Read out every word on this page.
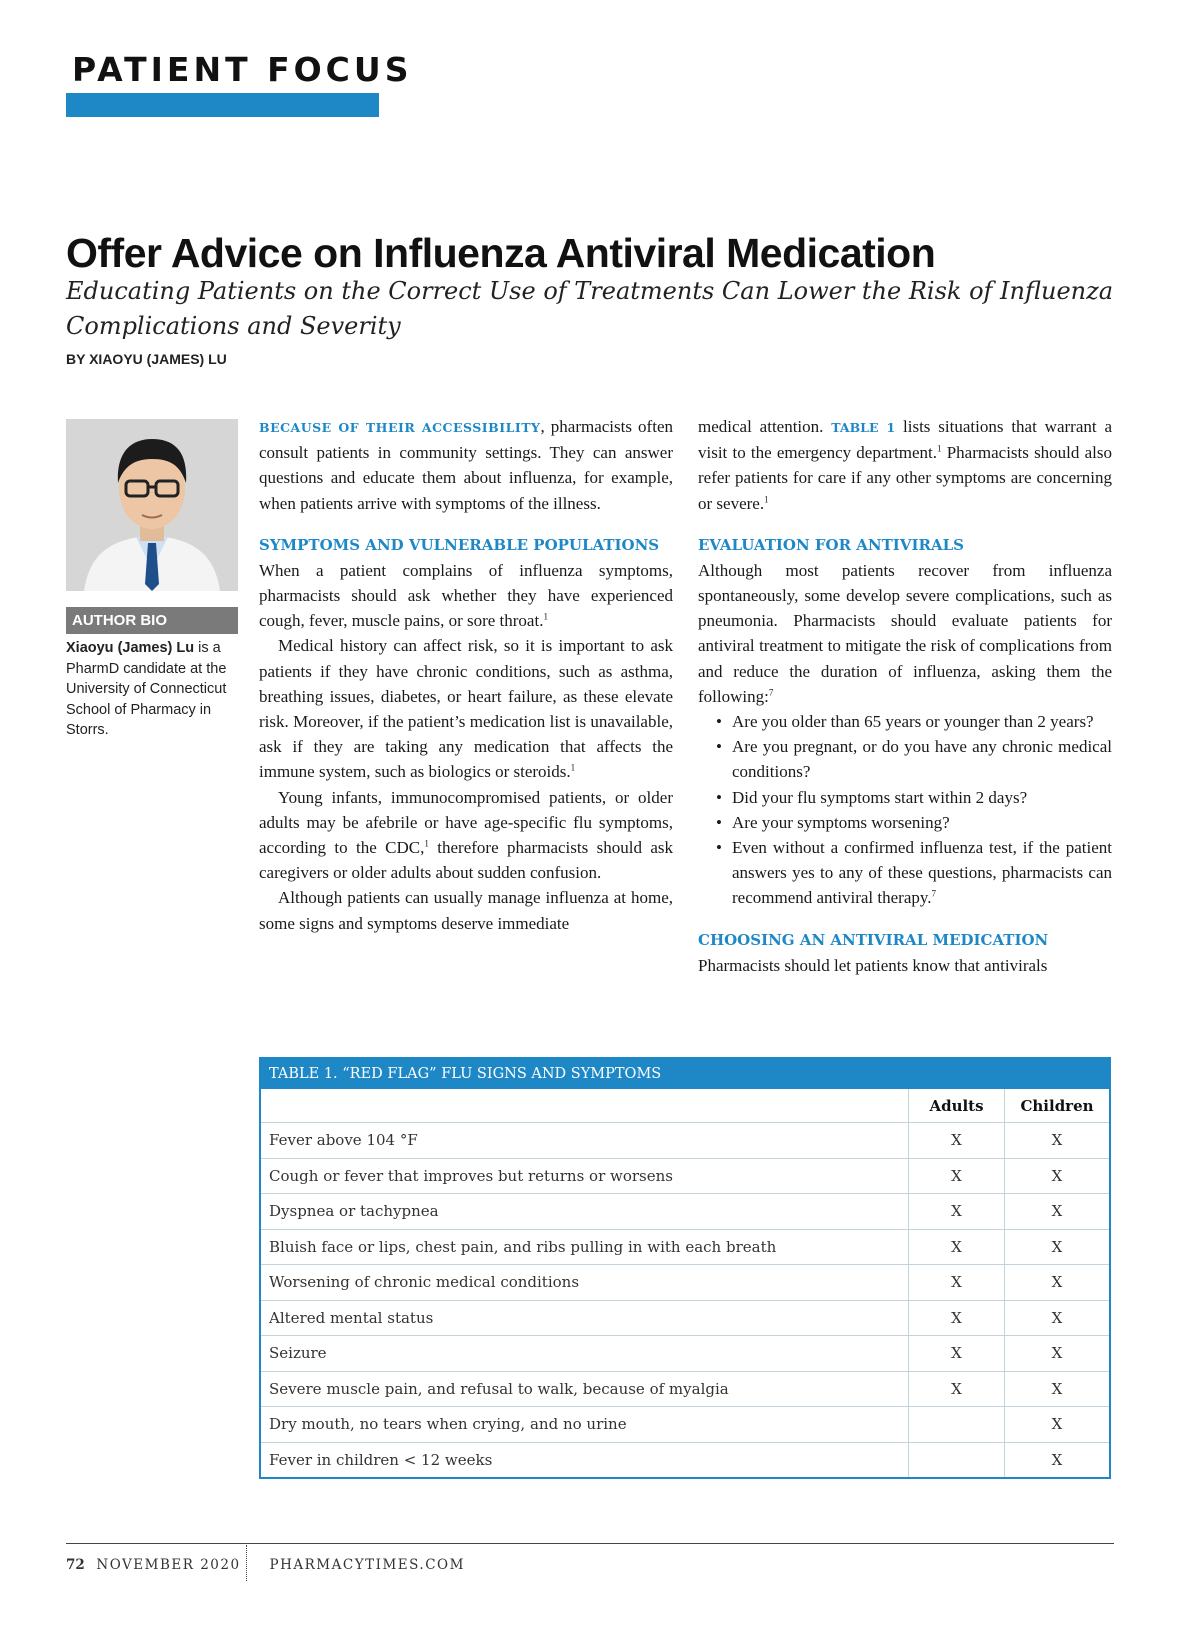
PATIENT FOCUS
Offer Advice on Influenza Antiviral Medication
Educating Patients on the Correct Use of Treatments Can Lower the Risk of Influenza Complications and Severity
BY XIAOYU (JAMES) LU
AUTHOR BIO
Xiaoyu (James) Lu is a PharmD candidate at the University of Connecticut School of Pharmacy in Storrs.

BECAUSE OF THEIR ACCESSIBILITY, pharmacists often consult patients in community settings. They can answer questions and educate them about influenza, for example, when patients arrive with symptoms of the illness.

SYMPTOMS AND VULNERABLE POPULATIONS

When a patient complains of influenza symptoms, pharmacists should ask whether they have experienced cough, fever, muscle pains, or sore throat.$^1$

Medical history can affect risk, so it is important to ask patients if they have chronic conditions, such as asthma, breathing issues, diabetes, or heart failure, as these elevate risk. Moreover, if the patient’s medication list is unavailable, ask if they are taking any medication that affects the immune system, such as biologics or steroids.$^1$

Young infants, immunocompromised patients, or older adults may be afebrile or have age-specific flu symptoms, according to the CDC,$^1$ therefore pharmacists should ask caregivers or older adults about sudden confusion.

Although patients can usually manage influenza at home, some signs and symptoms deserve immediate

medical attention. TABLE 1 lists situations that warrant a visit to the emergency department.$^1$ Pharmacists should also refer patients for care if any other symptoms are concerning or severe.$^1$

EVALUATION FOR ANTIVIRALS

Although most patients recover from influenza spontaneously, some develop severe complications, such as pneumonia. Pharmacists should evaluate patients for antiviral treatment to mitigate the risk of complications from and reduce the duration of influenza, asking them the following:$^7$

• Are you older than 65 years or younger than 2 years?
• Are you pregnant, or do you have any chronic medical conditions?
• Did your flu symptoms start within 2 days?
• Are your symptoms worsening?
• Even without a confirmed influenza test, if the patient answers yes to any of these questions, pharmacists can recommend antiviral therapy.$^7$
CHOOSING AN ANTIVIRAL MEDICATION

Pharmacists should let patients know that antivirals

TABLE 1. “RED FLAG” FLU SIGNS AND SYMPTOMS
	Adults	Children
Fever above 104 °F	X	X
Cough or fever that improves but returns or worsens	X	X
Dyspnea or tachypnea	X	X
Bluish face or lips, chest pain, and ribs pulling in with each breath	X	X
Worsening of chronic medical conditions	X	X
Altered mental status	X	X
Seizure	X	X
Severe muscle pain, and refusal to walk, because of myalgia	X	X
Dry mouth, no tears when crying, and no urine		X
Fever in children < 12 weeks		X
72 NOVEMBER 2020 PHARMACYTIMES.COM
